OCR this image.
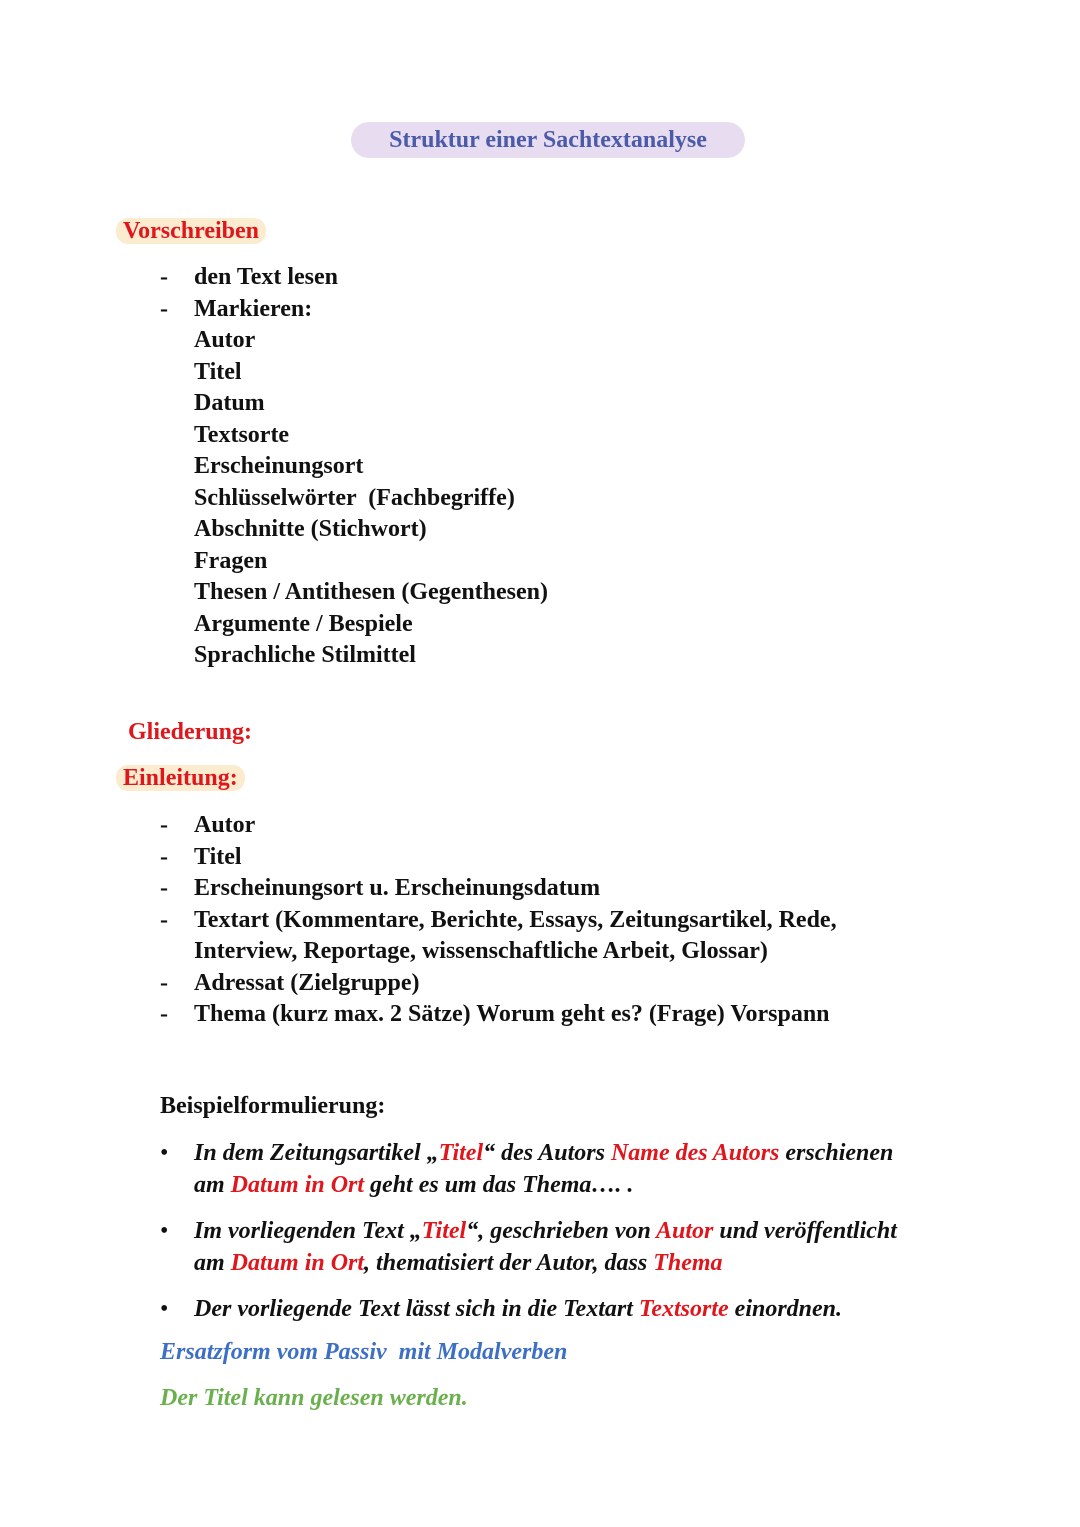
Struktur einer Sachtextanalyse
Vorschreiben
-	den Text lesen
-	Markieren:
Autor
Titel
Datum
Textsorte
Erscheinungsort
Schlüsselwörter  (Fachbegriffe)
Abschnitte (Stichwort)
Fragen
Thesen / Antithesen (Gegenthesen)
Argumente / Bespiele
Sprachliche Stilmittel
Gliederung:
Einleitung:
-	Autor
-	Titel
-	Erscheinungsort u. Erscheinungsdatum
-	Textart (Kommentare, Berichte, Essays, Zeitungsartikel, Rede,
Interview, Reportage, wissenschaftliche Arbeit, Glossar)
-	Adressat (Zielgruppe)
-	Thema (kurz max. 2 Sätze) Worum geht es? (Frage) Vorspann
Beispielformulierung:
•	In dem Zeitungsartikel „Titel“ des Autors Name des Autors erschienen
am Datum in Ort geht es um das Thema…. .
•	Im vorliegenden Text „Titel“, geschrieben von Autor und veröffentlicht
am Datum in Ort, thematisiert der Autor, dass Thema
•	Der vorliegende Text lässt sich in die Textart Textsorte einordnen.
Ersatzform vom Passiv  mit Modalverben
Der Titel kann gelesen werden.
